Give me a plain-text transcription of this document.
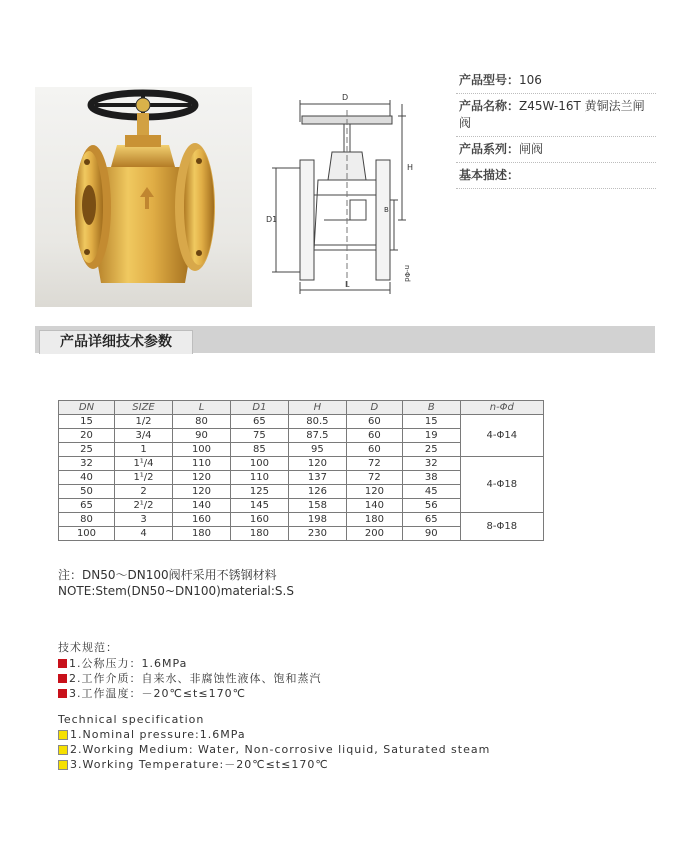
D
H
D1
L
B
n-Φd
产品型号：106
产品名称：Z45W-16T 黄铜法兰闸阀
产品系列：闸阀
基本描述：
产品详细技术参数
DN	SIZE	L	D1	H	D	B	n-Φd
15	1/2	80	65	80.5	60	15	4-Φ14
20	3/4	90	75	87.5	60	19	
25	1	100	85	95	60	25	
32	1¹/4	110	100	120	72	32	4-Φ18
40	1¹/2	120	110	137	72	38	
50	2	120	125	126	120	45	
65	2¹/2	140	145	158	140	56	
80	3	160	160	198	180	65	8-Φ18
100	4	180	180	230	200	90	
注：DN50～DN100阀杆采用不锈钢材料
NOTE:Stem(DN50~DN100)material:S.S
技术规范：
1.公称压力：1.6MPa
2.工作介质：自来水、非腐蚀性液体、饱和蒸汽
3.工作温度：－20℃≤t≤170℃
Technical specification
1.Nominal pressure:1.6MPa
2.Working Medium: Water, Non-corrosive liquid, Saturated steam
3.Working Temperature:－20℃≤t≤170℃
